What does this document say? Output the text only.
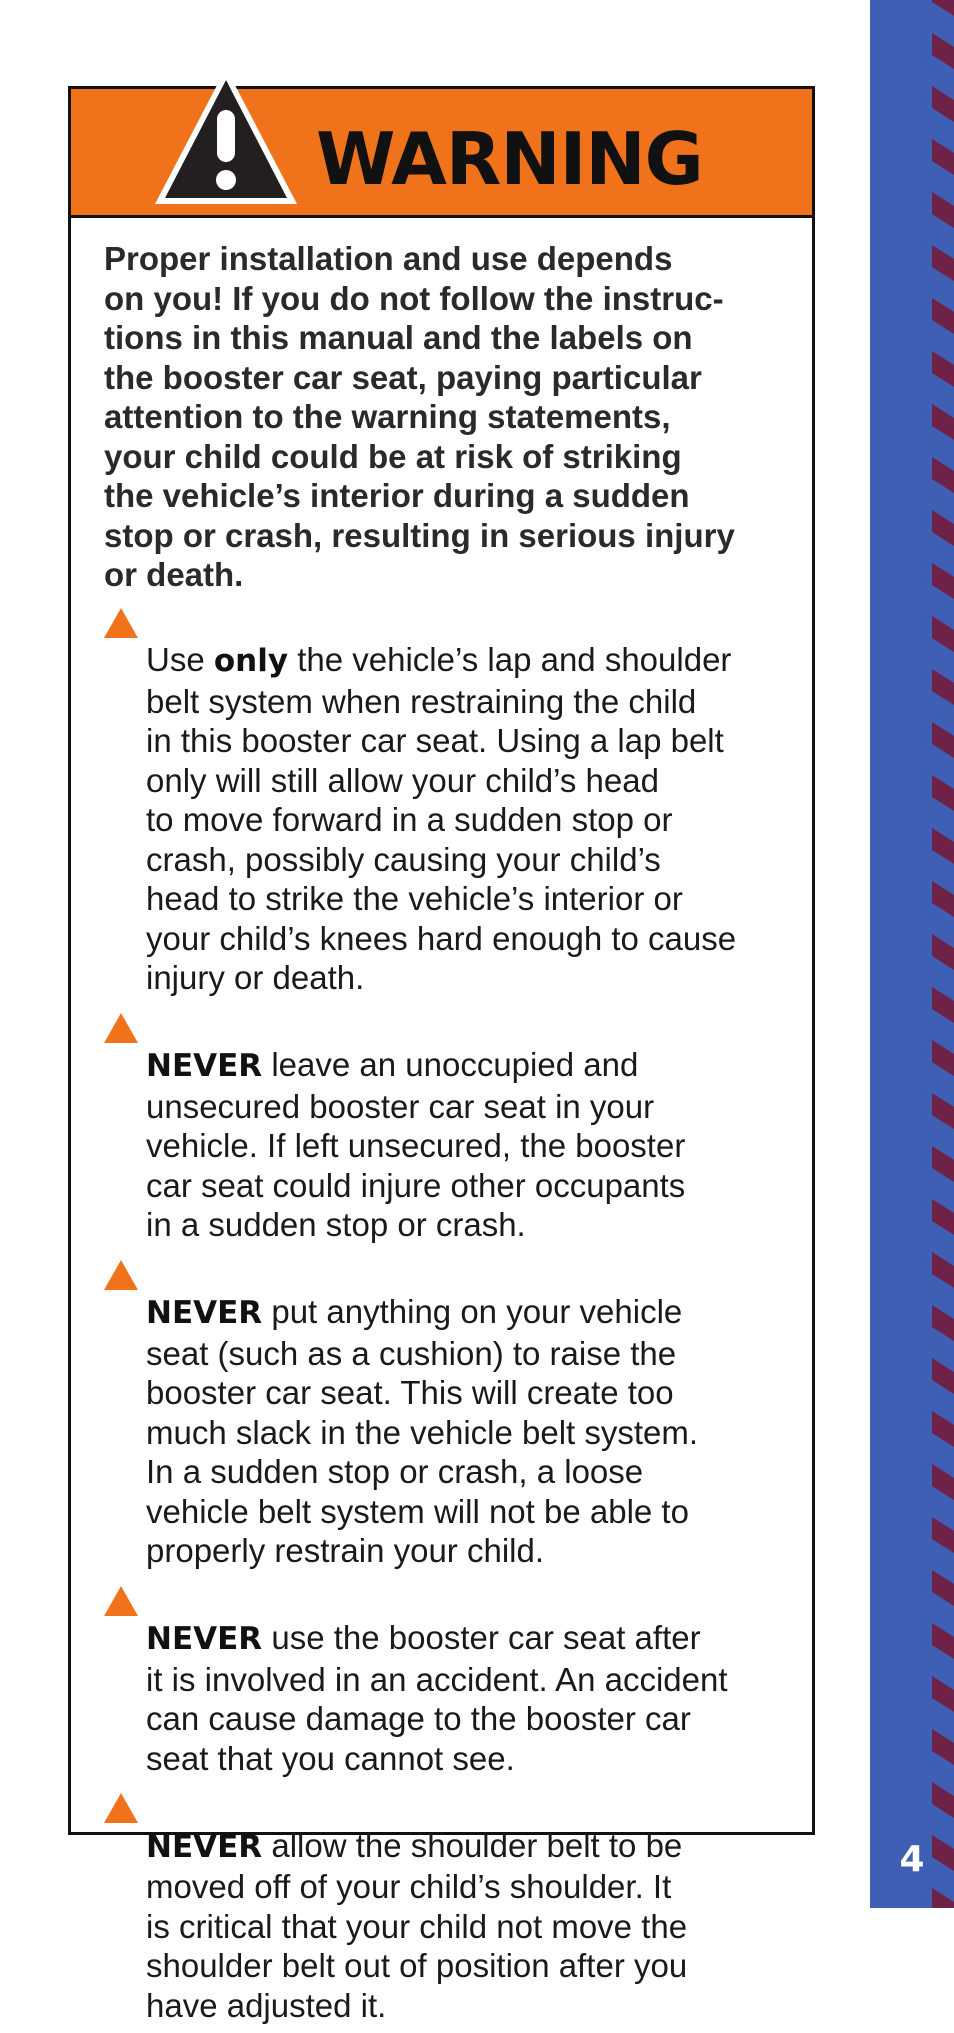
4
WARNING

Proper installation and use depends
on you! If you do not follow the instruc-
tions in this manual and the labels on
the booster car seat, paying particular
attention to the warning statements,
your child could be at risk of striking
the vehicle’s interior during a sudden
stop or crash, resulting in serious injury
or death.

Use only the vehicle’s lap and shoulder
belt system when restraining the child
in this booster car seat. Using a lap belt
only will still allow your child’s head
to move forward in a sudden stop or
crash, possibly causing your child’s
head to strike the vehicle’s interior or
your child’s knees hard enough to cause
injury or death.

NEVER leave an unoccupied and
unsecured booster car seat in your
vehicle. If left unsecured, the booster
car seat could injure other occupants
in a sudden stop or crash.

NEVER put anything on your vehicle
seat (such as a cushion) to raise the
booster car seat. This will create too
much slack in the vehicle belt system.
In a sudden stop or crash, a loose
vehicle belt system will not be able to
properly restrain your child.

NEVER use the booster car seat after
it is involved in an accident. An accident
can cause damage to the booster car
seat that you cannot see.

NEVER allow the shoulder belt to be
moved off of your child’s shoulder. It
is critical that your child not move the
shoulder belt out of position after you
have adjusted it.
